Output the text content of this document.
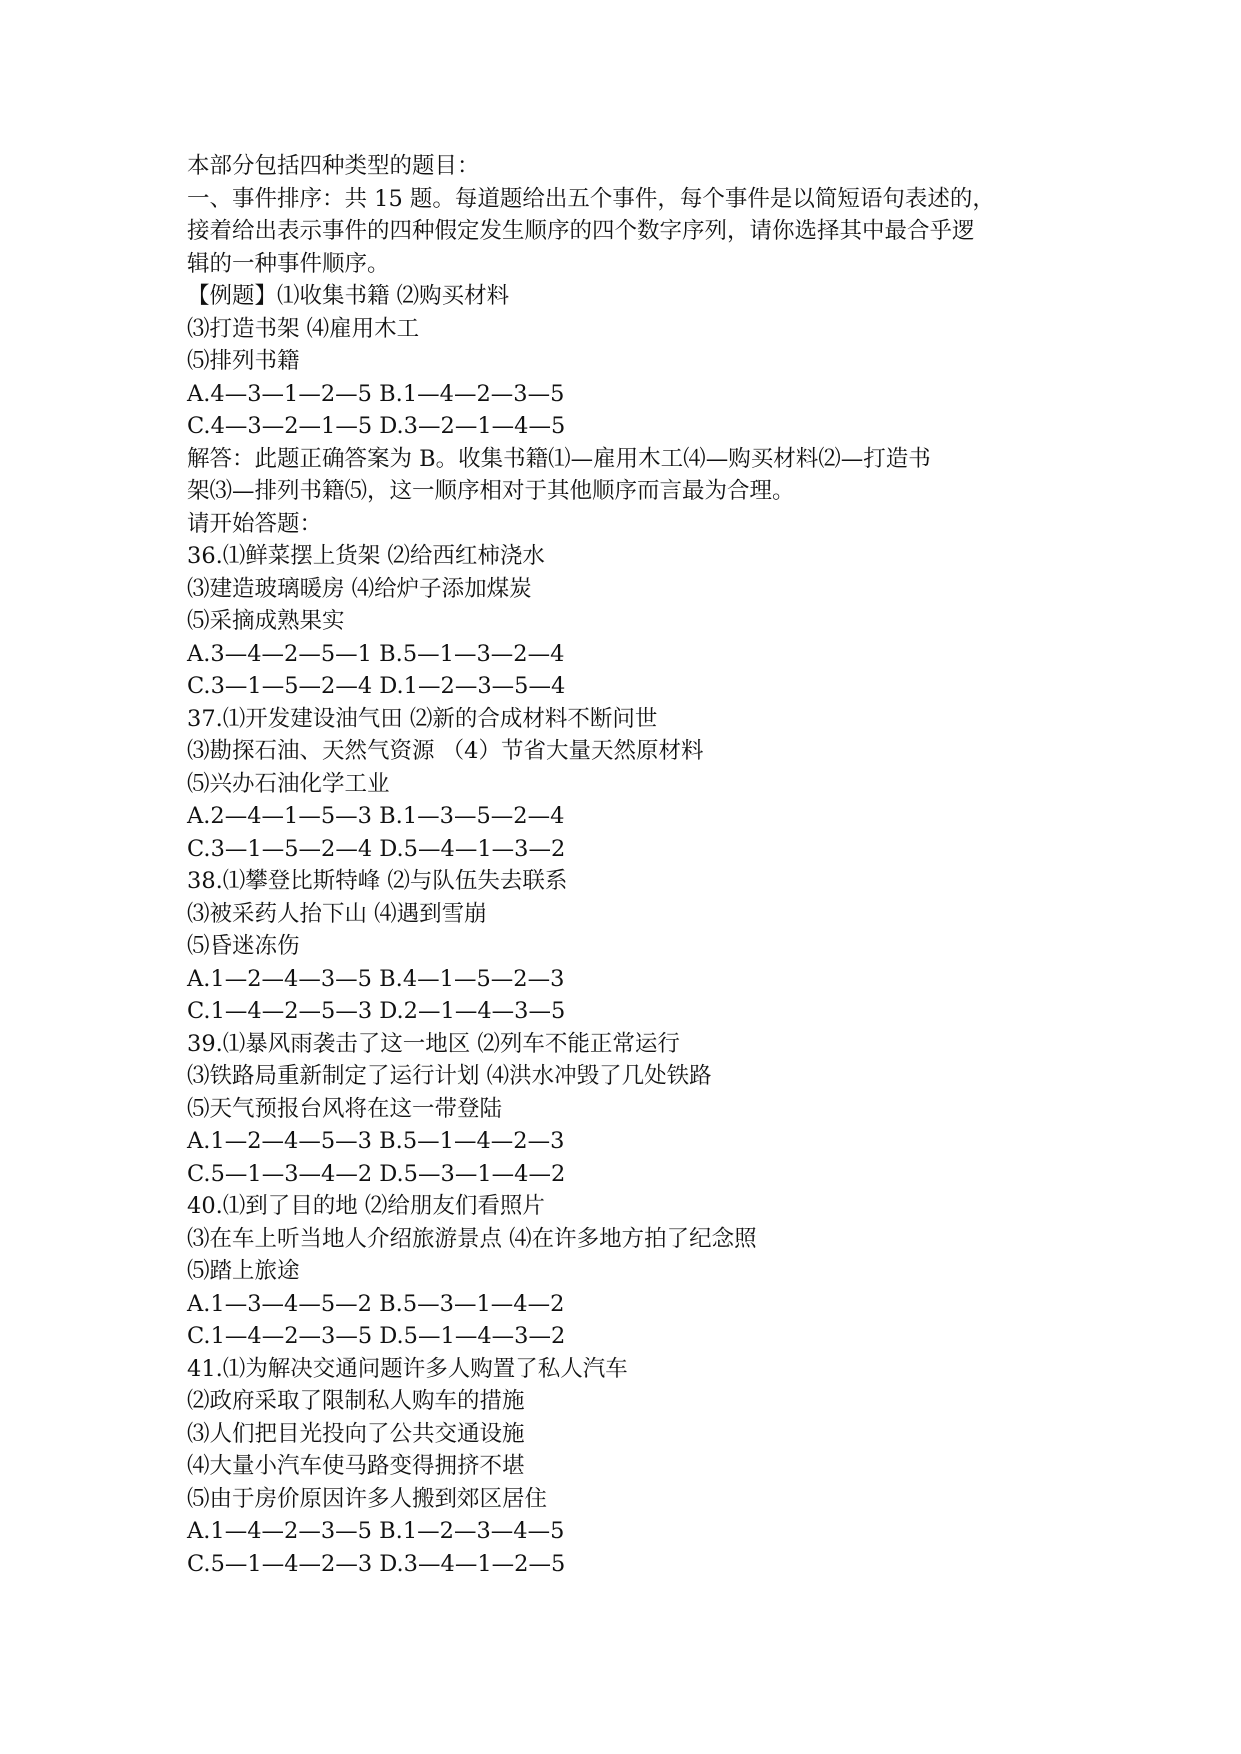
本部分包括四种类型的题目：
一、事件排序：共 15 题。每道题给出五个事件，每个事件是以简短语句表述的，
接着给出表示事件的四种假定发生顺序的四个数字序列，请你选择其中最合乎逻
辑的一种事件顺序。
【例题】⑴收集书籍 ⑵购买材料
⑶打造书架 ⑷雇用木工
⑸排列书籍
A.4—3—1—2—5 B.1—4—2—3—5
C.4—3—2—1—5 D.3—2—1—4—5
解答：此题正确答案为 B。收集书籍⑴—雇用木工⑷—购买材料⑵—打造书
架⑶—排列书籍⑸，这一顺序相对于其他顺序而言最为合理。
请开始答题：
36.⑴鲜菜摆上货架 ⑵给西红柿浇水
⑶建造玻璃暖房 ⑷给炉子添加煤炭
⑸采摘成熟果实
A.3—4—2—5—1 B.5—1—3—2—4
C.3—1—5—2—4 D.1—2—3—5—4
37.⑴开发建设油气田 ⑵新的合成材料不断问世
⑶勘探石油、天然气资源 （4）节省大量天然原材料
⑸兴办石油化学工业
A.2—4—1—5—3 B.1—3—5—2—4
C.3—1—5—2—4 D.5—4—1—3—2
38.⑴攀登比斯特峰 ⑵与队伍失去联系
⑶被采药人抬下山 ⑷遇到雪崩
⑸昏迷冻伤
A.1—2—4—3—5 B.4—1—5—2—3
C.1—4—2—5—3 D.2—1—4—3—5
39.⑴暴风雨袭击了这一地区 ⑵列车不能正常运行
⑶铁路局重新制定了运行计划 ⑷洪水冲毁了几处铁路
⑸天气预报台风将在这一带登陆
A.1—2—4—5—3 B.5—1—4—2—3
C.5—1—3—4—2 D.5—3—1—4—2
40.⑴到了目的地 ⑵给朋友们看照片
⑶在车上听当地人介绍旅游景点 ⑷在许多地方拍了纪念照
⑸踏上旅途
A.1—3—4—5—2 B.5—3—1—4—2
C.1—4—2—3—5 D.5—1—4—3—2
41.⑴为解决交通问题许多人购置了私人汽车
⑵政府采取了限制私人购车的措施
⑶人们把目光投向了公共交通设施
⑷大量小汽车使马路变得拥挤不堪
⑸由于房价原因许多人搬到郊区居住
A.1—4—2—3—5 B.1—2—3—4—5
C.5—1—4—2—3 D.3—4—1—2—5
